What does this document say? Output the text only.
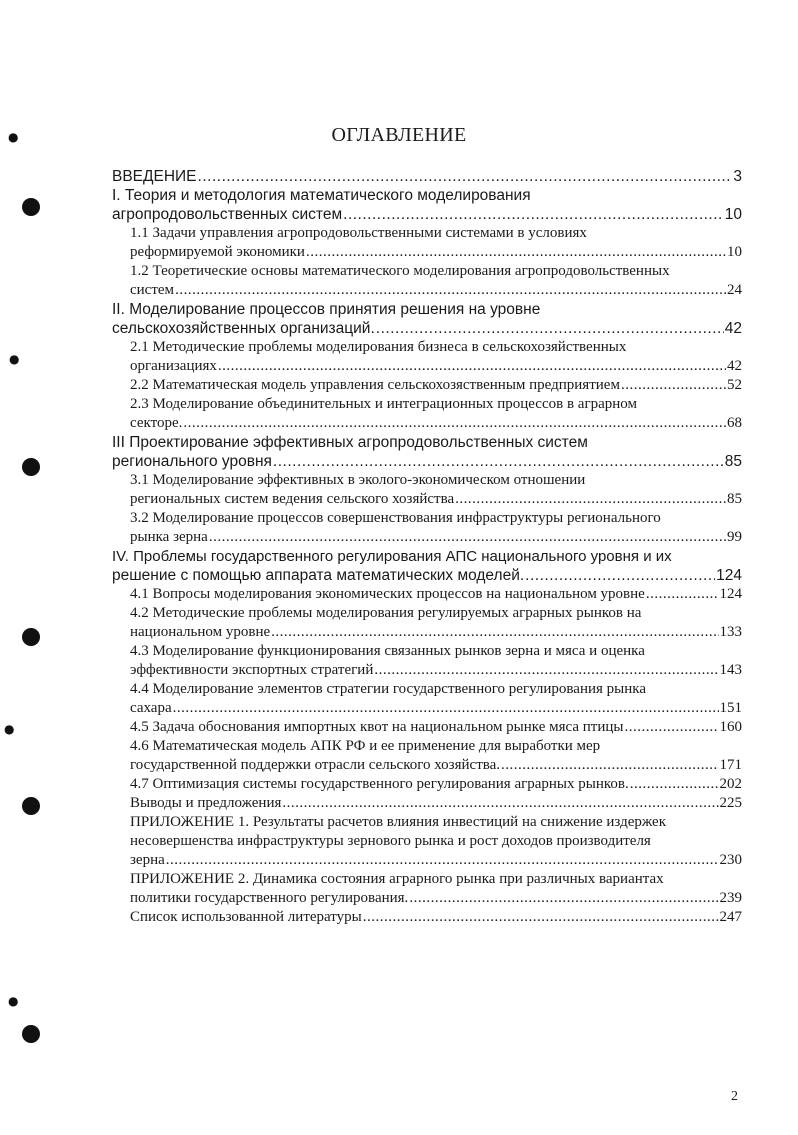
●
●
●
●
ОГЛАВЛЕНИЕ
ВВЕДЕНИЕ .....	3
I. Теория и методология математического моделирования
агропродовольственных систем .....	10
1.1 Задачи управления агропродовольственными системами в условиях
реформируемой экономики .....	10
1.2 Теоретические основы математического моделирования агропродовольственных
систем .....	24
II. Моделирование процессов принятия решения на уровне
сельскохозяйственных организаций. .....	42
2.1 Методические проблемы моделирования бизнеса в сельскохозяйственных
организациях .....	42
2.2 Математическая модель управления сельскохозяственным предприятием .....	52
2.3 Моделирование объединительных и интеграционных процессов в аграрном
секторе. .....	68
III Проектирование эффективных агропродовольственных систем
регионального уровня .....	85
3.1 Моделирование эффективных в эколого-экономическом отношении
региональных систем ведения сельского хозяйства .....	85
3.2 Моделирование процессов совершенствования инфраструктуры регионального
рынка зерна .....	99
IV. Проблемы государственного регулирования АПС национального уровня и их
решение с помощью аппарата математических моделей. .....	124
4.1 Вопросы моделирования экономических процессов на национальном уровне .....	124
4.2 Методические проблемы моделирования регулируемых аграрных рынков на
национальном уровне .....	133
4.3 Моделирование функционирования связанных рынков зерна и мяса и оценка
эффективности экспортных стратегий .....	143
4.4 Моделирование элементов стратегии государственного регулирования рынка
сахара .....	151
4.5 Задача обоснования импортных квот на национальном рынке мяса птицы .....	160
4.6 Математическая модель АПК РФ и ее применение для выработки мер
государственной поддержки отрасли сельского хозяйства. .....	171
4.7 Оптимизация системы государственного регулирования аграрных рынков. .....	202
Выводы и предложения .....	225
ПРИЛОЖЕНИЕ 1. Результаты расчетов влияния инвестиций на снижение издержек
несовершенства инфраструктуры зернового рынка и рост доходов производителя
зерна .....	230
ПРИЛОЖЕНИЕ 2. Динамика состояния аграрного рынка при различных вариантах
политики государственного регулирования. .....	239
Список использованной литературы .....	247
2
